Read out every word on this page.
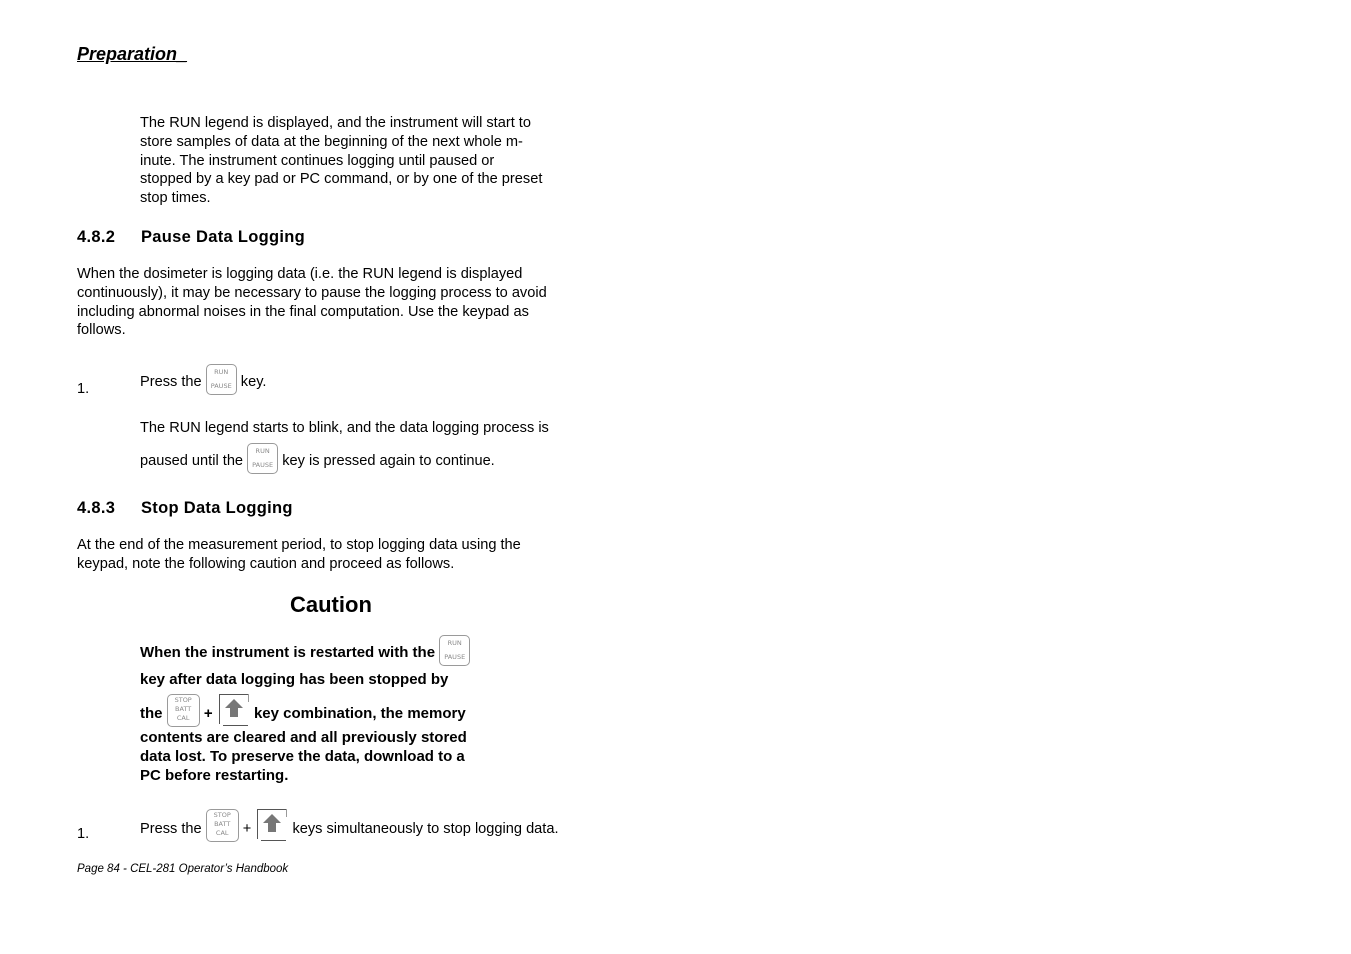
Preparation_
The RUN legend is displayed, and the instrument will start to
store samples of data at the beginning of the next whole m-
inute. The instrument continues logging until paused or
stopped by a key pad or PC command, or by one of the preset
stop times.
4.8.2 Pause Data Logging
When the dosimeter is logging data (i.e. the RUN legend is displayed
continuously), it may be necessary to pause the logging process to avoid
including abnormal noises in the final computation. Use the keypad as
follows.
1.	Press the
RUN
PAUSE key.
The RUN legend starts to blink, and the data logging process is
paused until the
RUN
PAUSE key is pressed again to continue.
4.8.3 Stop Data Logging
At the end of the measurement period, to stop logging data using the
keypad, note the following caution and proceed as follows.
Caution
When the instrument is restarted with the
RUN
PAUSE
key after data logging has been stopped by
the
STOP
BATT
CAL +	key combination, the memory
contents are cleared and all previously stored
data lost. To preserve the data, download to a
PC before restarting.
1.	Press the
STOP
BATT
CAL +	keys simultaneously to stop logging data.
Page 84 - CEL-281 Operator’s Handbook
